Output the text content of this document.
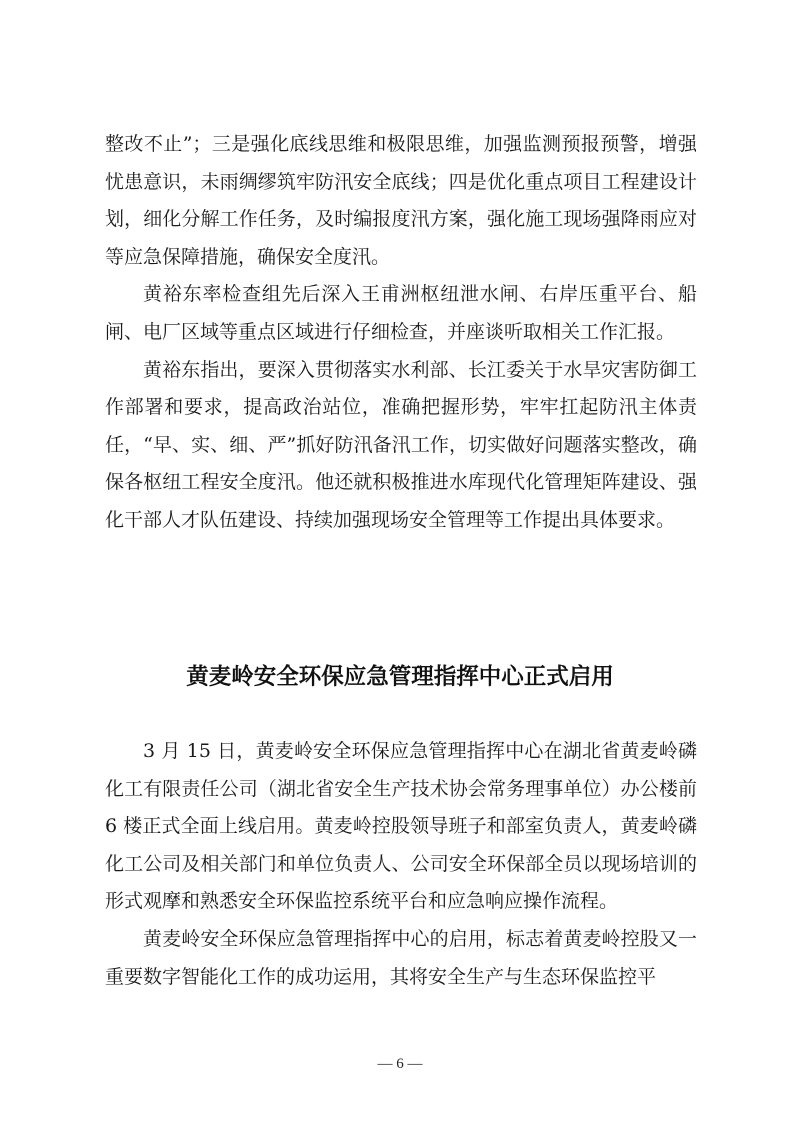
整改不止”；三是强化底线思维和极限思维，加强监测预报预警，增强忧患意识，未雨绸缪筑牢防汛安全底线；四是优化重点项目工程建设计划，细化分解工作任务，及时编报度汛方案，强化施工现场强降雨应对等应急保障措施，确保安全度汛。

黄裕东率检查组先后深入王甫洲枢纽泄水闸、右岸压重平台、船闸、电厂区域等重点区域进行仔细检查，并座谈听取相关工作汇报。

黄裕东指出，要深入贯彻落实水利部、长江委关于水旱灾害防御工作部署和要求，提高政治站位，准确把握形势，牢牢扛起防汛主体责任，“早、实、细、严”抓好防汛备汛工作，切实做好问题落实整改，确保各枢纽工程安全度汛。他还就积极推进水库现代化管理矩阵建设、强化干部人才队伍建设、持续加强现场安全管理等工作提出具体要求。

黄麦岭安全环保应急管理指挥中心正式启用

3 月 15 日，黄麦岭安全环保应急管理指挥中心在湖北省黄麦岭磷化工有限责任公司（湖北省安全生产技术协会常务理事单位）办公楼前 6 楼正式全面上线启用。黄麦岭控股领导班子和部室负责人，黄麦岭磷化工公司及相关部门和单位负责人、公司安全环保部全员以现场培训的形式观摩和熟悉安全环保监控系统平台和应急响应操作流程。

黄麦岭安全环保应急管理指挥中心的启用，标志着黄麦岭控股又一重要数字智能化工作的成功运用，其将安全生产与生态环保监控平

— 6 —
